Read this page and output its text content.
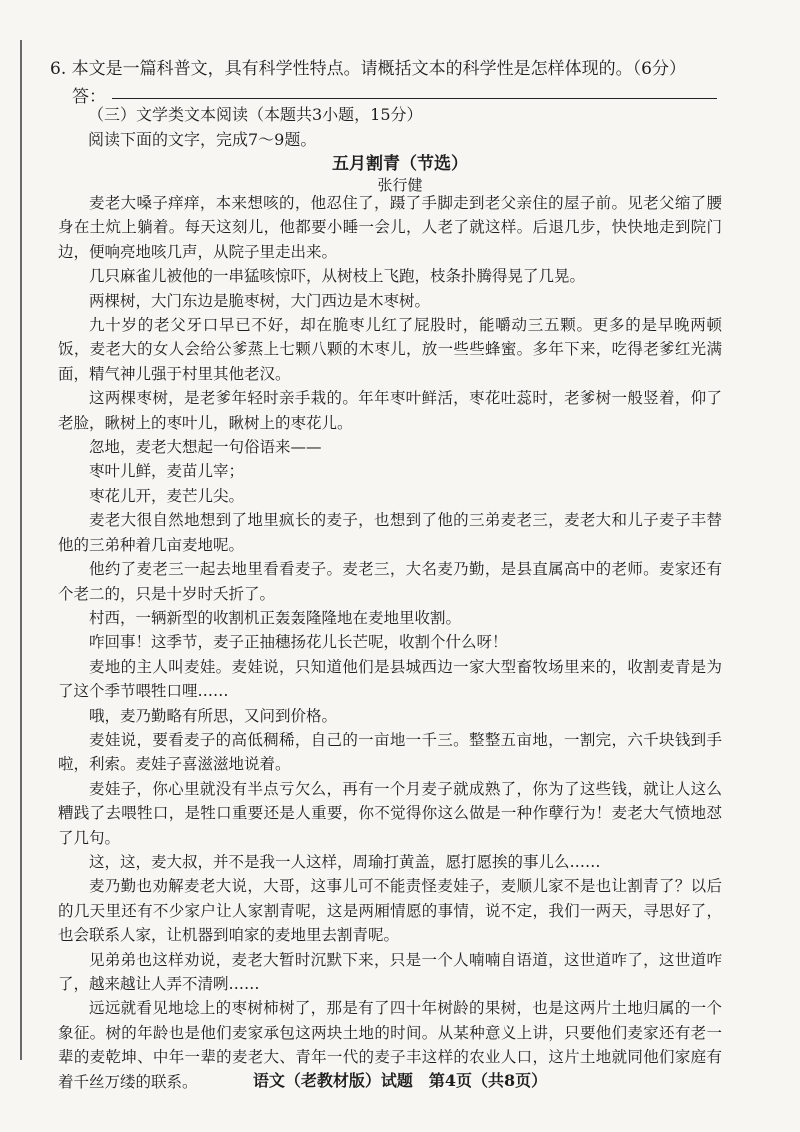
6. 本文是一篇科普文，具有科学性特点。请概括文本的科学性是怎样体现的。（6分）
答：
（三）文学类文本阅读（本题共3小题，15分）
阅读下面的文字，完成7～9题。
五月割青（节选）
张行健

麦老大嗓子痒痒，本来想咳的，他忍住了，蹑了手脚走到老父亲住的屋子前。见老父缩了腰身在土炕上躺着。每天这刻儿，他都要小睡一会儿，人老了就这样。后退几步，快快地走到院门边，便响亮地咳几声，从院子里走出来。

几只麻雀儿被他的一串猛咳惊吓，从树枝上飞跑，枝条扑腾得晃了几晃。

两棵树，大门东边是脆枣树，大门西边是木枣树。

九十岁的老父牙口早已不好，却在脆枣儿红了屁股时，能嚼动三五颗。更多的是早晚两顿饭，麦老大的女人会给公爹蒸上七颗八颗的木枣儿，放一些些蜂蜜。多年下来，吃得老爹红光满面，精气神儿强于村里其他老汉。

这两棵枣树，是老爹年轻时亲手栽的。年年枣叶鲜活，枣花吐蕊时，老爹树一般竖着，仰了老脸，瞅树上的枣叶儿，瞅树上的枣花儿。

忽地，麦老大想起一句俗语来——

枣叶儿鲜，麦苗儿宰；

枣花儿开，麦芒儿尖。

麦老大很自然地想到了地里疯长的麦子，也想到了他的三弟麦老三，麦老大和儿子麦子丰替他的三弟种着几亩麦地呢。

他约了麦老三一起去地里看看麦子。麦老三，大名麦乃勤，是县直属高中的老师。麦家还有个老二的，只是十岁时夭折了。

村西，一辆新型的收割机正轰轰隆隆地在麦地里收割。

咋回事！这季节，麦子正抽穗扬花儿长芒呢，收割个什么呀！

麦地的主人叫麦娃。麦娃说，只知道他们是县城西边一家大型畜牧场里来的，收割麦青是为了这个季节喂牲口哩……

哦，麦乃勤略有所思，又问到价格。

麦娃说，要看麦子的高低稠稀，自己的一亩地一千三。整整五亩地，一割完，六千块钱到手啦，利索。麦娃子喜滋滋地说着。

麦娃子，你心里就没有半点亏欠么，再有一个月麦子就成熟了，你为了这些钱，就让人这么糟践了去喂牲口，是牲口重要还是人重要，你不觉得你这么做是一种作孽行为！麦老大气愤地怼了几句。

这，这，麦大叔，并不是我一人这样，周瑜打黄盖，愿打愿挨的事儿么……

麦乃勤也劝解麦老大说，大哥，这事儿可不能责怪麦娃子，麦顺儿家不是也让割青了？以后的几天里还有不少家户让人家割青呢，这是两厢情愿的事情，说不定，我们一两天，寻思好了，也会联系人家，让机器到咱家的麦地里去割青呢。

见弟弟也这样劝说，麦老大暂时沉默下来，只是一个人喃喃自语道，这世道咋了，这世道咋了，越来越让人弄不清咧……

远远就看见地埝上的枣树柿树了，那是有了四十年树龄的果树，也是这两片土地归属的一个象征。树的年龄也是他们麦家承包这两块土地的时间。从某种意义上讲，只要他们麦家还有老一辈的麦乾坤、中年一辈的麦老大、青年一代的麦子丰这样的农业人口，这片土地就同他们家庭有着千丝万缕的联系。	语文（老教材版）试题　第4页（共8页）
